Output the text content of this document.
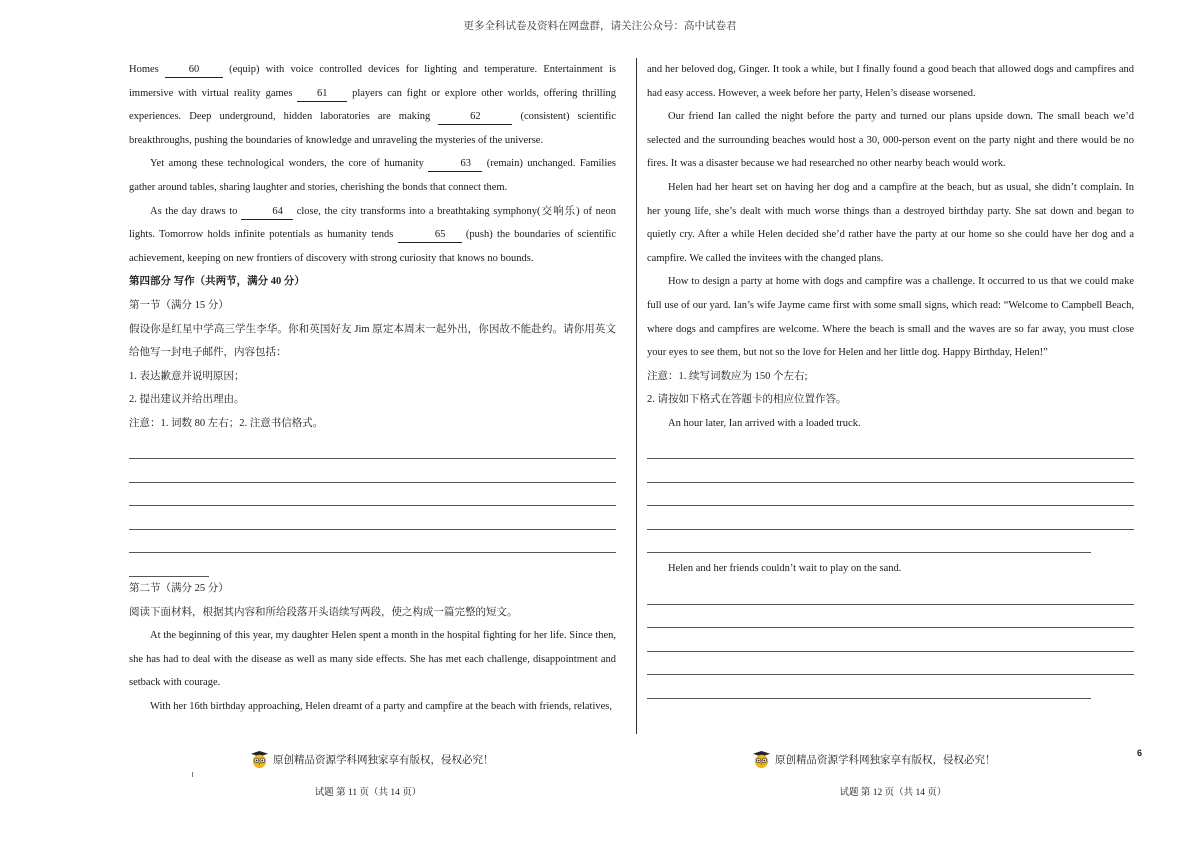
更多全科试卷及资料在网盘群，请关注公众号：高中试卷君

Homes 60 (equip) with voice controlled devices for lighting and temperature. Entertainment is immersive with virtual reality games 61 players can fight or explore other worlds, offering thrilling experiences. Deep underground, hidden laboratories are making	62	(consistent) scientific breakthroughs, pushing the boundaries of knowledge and unraveling the mysteries of the universe.

Yet among these technological wonders, the core of humanity	63 (remain) unchanged. Families gather around tables, sharing laughter and stories, cherishing the bonds that connect them.

As the day draws to	64 close, the city transforms into a breathtaking symphony(交响乐) of neon lights. Tomorrow holds infinite potentials as humanity tends	65 (push) the boundaries of scientific achievement, keeping on new frontiers of discovery with strong curiosity that knows no bounds.

第四部分 写作（共两节，满分 40 分）

第一节（满分 15 分）

假设你是红星中学高三学生李华。你和英国好友 Jim 原定本周末一起外出，你因故不能赴约。请你用英文给他写一封电子邮件，内容包括：

1. 表达歉意并说明原因；

2. 提出建议并给出理由。

注意：1. 词数 80 左右；2. 注意书信格式。

第二节（满分 25 分）

阅读下面材料，根据其内容和所给段落开头语续写两段，使之构成一篇完整的短文。

At the beginning of this year, my daughter Helen spent a month in the hospital fighting for her life. Since then, she has had to deal with the disease as well as many side effects. She has met each challenge, disappointment and setback with courage.

With her 16th birthday approaching, Helen dreamt of a party and campfire at the beach with friends, relatives,

and her beloved dog, Ginger. It took a while, but I finally found a good beach that allowed dogs and campfires and had easy access. However, a week before her party, Helen’s disease worsened.

Our friend Ian called the night before the party and turned our plans upside down. The small beach we’d selected and the surrounding beaches would host a 30, 000-person event on the party night and there would be no fires. It was a disaster because we had researched no other nearby beach would work.

Helen had her heart set on having her dog and a campfire at the beach, but as usual, she didn’t complain. In her young life, she’s dealt with much worse things than a destroyed birthday party. She sat down and began to quietly cry. After a while Helen decided she’d rather have the party at our home so she could have her dog and a campfire. We called the invitees with the changed plans.

How to design a party at home with dogs and campfire was a challenge. It occurred to us that we could make full use of our yard. Ian’s wife Jayme came first with some small signs, which read: “Welcome to Campbell Beach, where dogs and campfires are welcome. Where the beach is small and the waves are so far away, you must close your eyes to see them, but not so the love for Helen and her little dog. Happy Birthday, Helen!”

注意：1. 续写词数应为 150 个左右;

2. 请按如下格式在答题卡的相应位置作答。

An hour later, Ian arrived with a loaded truck.

Helen and her friends couldn’t wait to play on the sand.

原创精品资源学科网独家享有版权，侵权必究！	原创精品资源学科网独家享有版权，侵权必究！
6
试题 第 11 页（共 14 页）	试题 第 12 页（共 14 页）
